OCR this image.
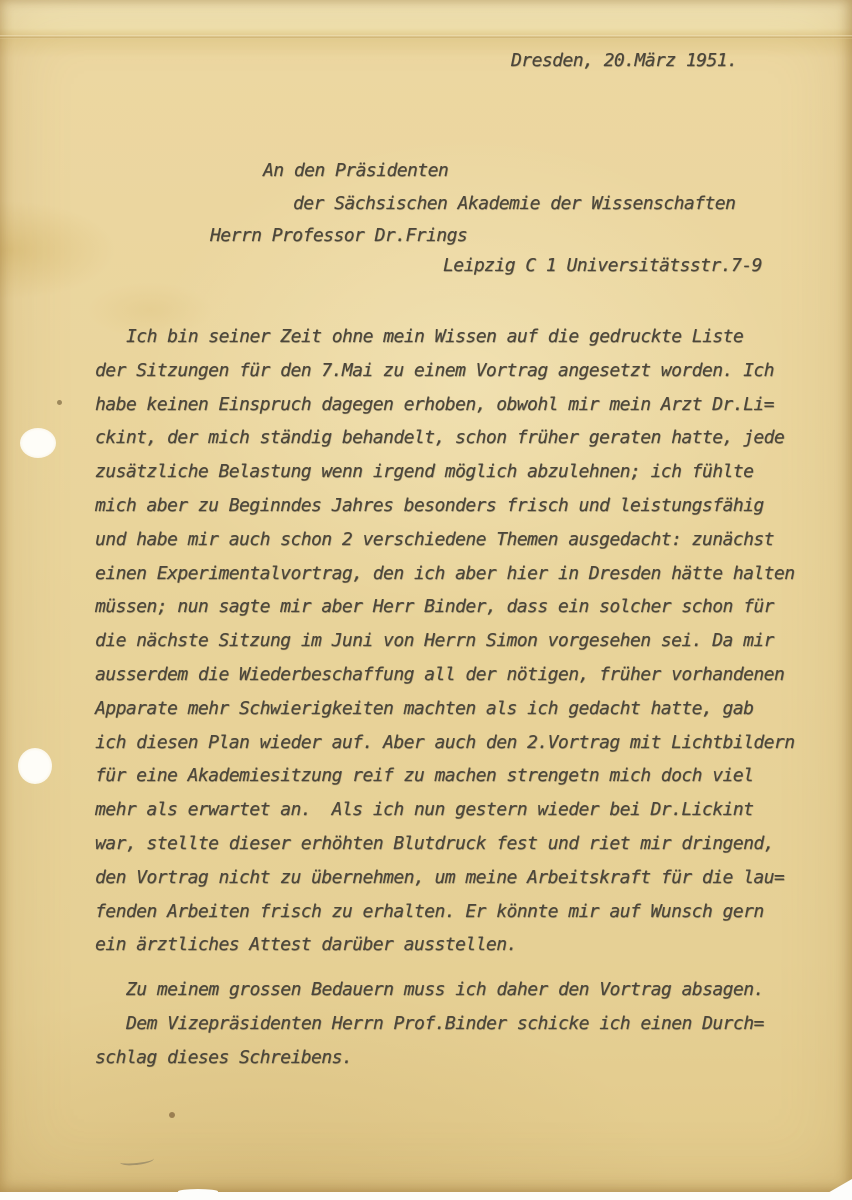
Dresden, 20.März 1951.
An den Präsidenten
der Sächsischen Akademie der Wissenschaften
Herrn Professor Dr.Frings
Leipzig C 1 Universitätsstr.7-9
Ich bin seiner Zeit ohne mein Wissen auf die gedruckte Liste
der Sitzungen für den 7.Mai zu einem Vortrag angesetzt worden. Ich
habe keinen Einspruch dagegen erhoben, obwohl mir mein Arzt Dr.Li=
ckint, der mich ständig behandelt, schon früher geraten hatte, jede
zusätzliche Belastung wenn irgend möglich abzulehnen; ich fühlte
mich aber zu Beginndes Jahres besonders frisch und leistungsfähig
und habe mir auch schon 2 verschiedene Themen ausgedacht: zunächst
einen Experimentalvortrag, den ich aber hier in Dresden hätte halten
müssen; nun sagte mir aber Herr Binder, dass ein solcher schon für
die nächste Sitzung im Juni von Herrn Simon vorgesehen sei. Da mir
ausserdem die Wiederbeschaffung all der nötigen, früher vorhandenen
Apparate mehr Schwierigkeiten machten als ich gedacht hatte, gab
ich diesen Plan wieder auf. Aber auch den 2.Vortrag mit Lichtbildern
für eine Akademiesitzung reif zu machen strengetn mich doch viel
mehr als erwartet an.  Als ich nun gestern wieder bei Dr.Lickint
war, stellte dieser erhöhten Blutdruck fest und riet mir dringend,
den Vortrag nicht zu übernehmen, um meine Arbeitskraft für die lau=
fenden Arbeiten frisch zu erhalten. Er könnte mir auf Wunsch gern
ein ärztliches Attest darüber ausstellen.
Zu meinem grossen Bedauern muss ich daher den Vortrag absagen.
Dem Vizepräsidenten Herrn Prof.Binder schicke ich einen Durch=
schlag dieses Schreibens.
